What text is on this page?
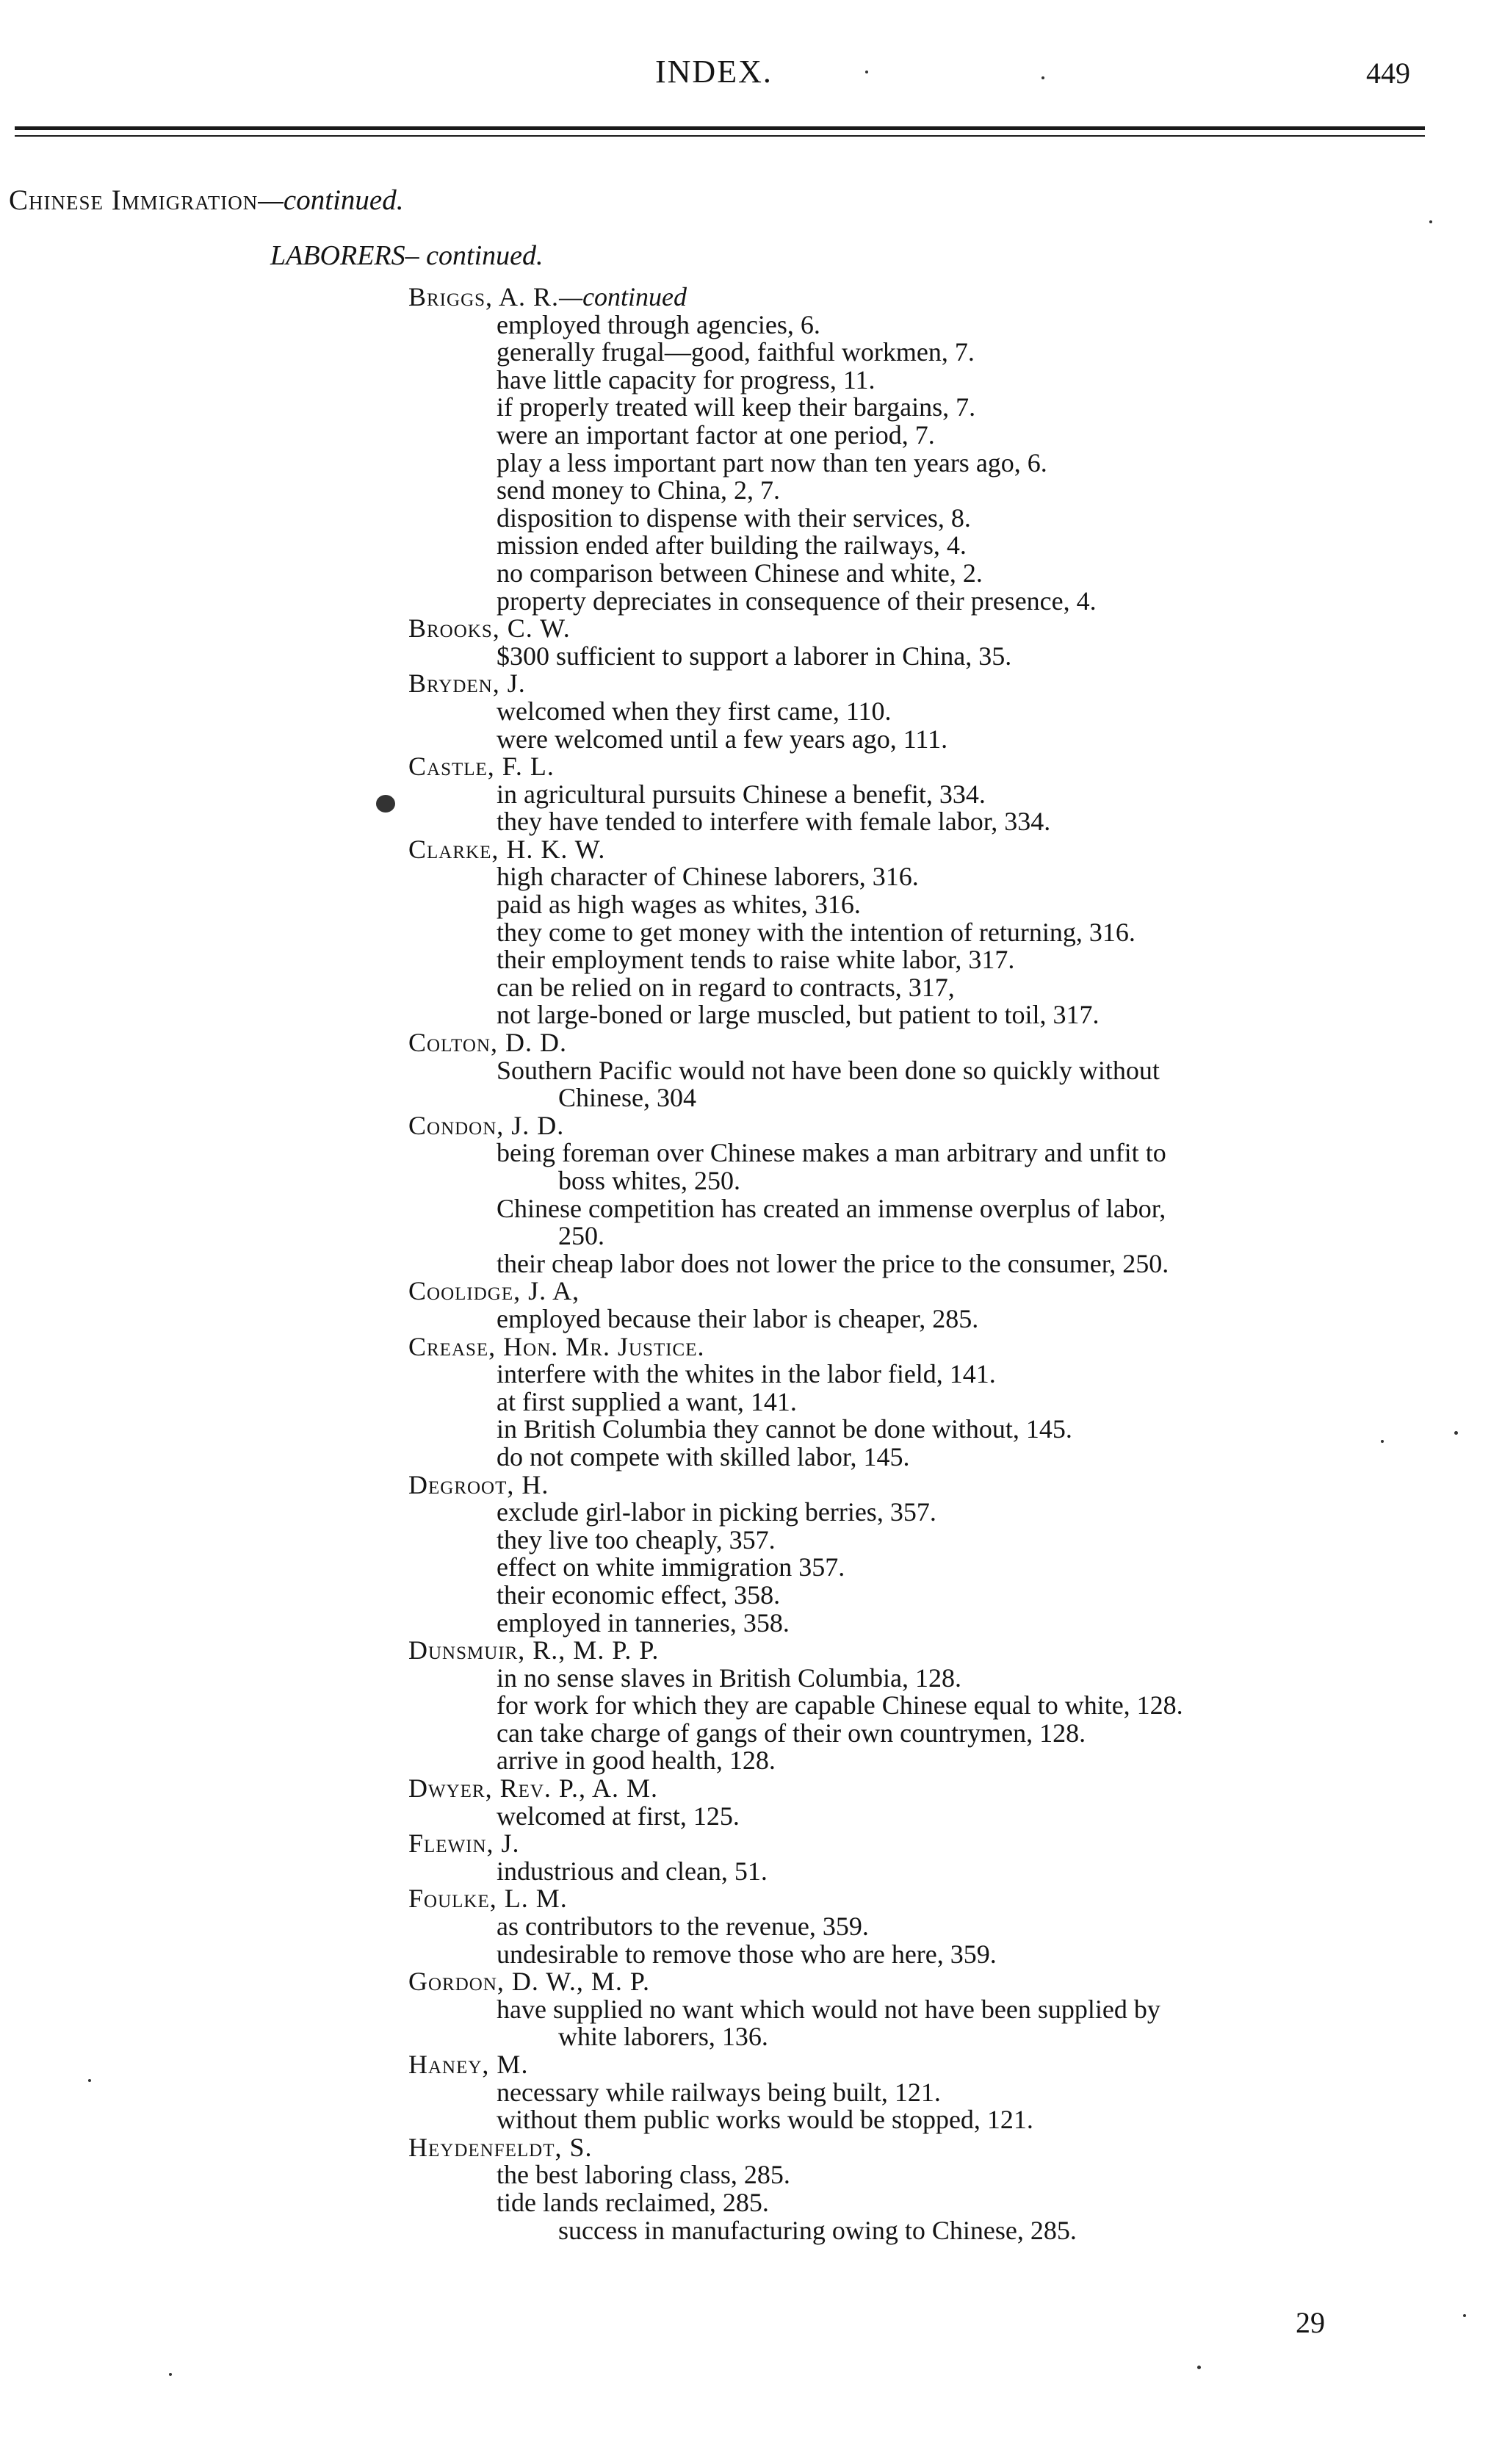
INDEX.	449
Chinese Immigration—continued.
LABORERS– continued.
Briggs, A. R.—continued
employed through agencies, 6.
generally frugal—good, faithful workmen, 7.
have little capacity for progress, 11.
if properly treated will keep their bargains, 7.
were an important factor at one period, 7.
play a less important part now than ten years ago, 6.
send money to China, 2, 7.
disposition to dispense with their services, 8.
mission ended after building the railways, 4.
no comparison between Chinese and white, 2.
property depreciates in consequence of their presence, 4.
Brooks, C. W.
$300 sufficient to support a laborer in China, 35.
Bryden, J.
welcomed when they first came, 110.
were welcomed until a few years ago, 111.
Castle, F. L.
in agricultural pursuits Chinese a benefit, 334.
they have tended to interfere with female labor, 334.
Clarke, H. K. W.
high character of Chinese laborers, 316.
paid as high wages as whites, 316.
they come to get money with the intention of returning, 316.
their employment tends to raise white labor, 317.
can be relied on in regard to contracts, 317,
not large-boned or large muscled, but patient to toil, 317.
Colton, D. D.
Southern Pacific would not have been done so quickly without
Chinese, 304
Condon, J. D.
being foreman over Chinese makes a man arbitrary and unfit to
boss whites, 250.
Chinese competition has created an immense overplus of labor,
250.
their cheap labor does not lower the price to the consumer, 250.
Coolidge, J. A,
employed because their labor is cheaper, 285.
Crease, Hon. Mr. Justice.
interfere with the whites in the labor field, 141.
at first supplied a want, 141.
in British Columbia they cannot be done without, 145.
do not compete with skilled labor, 145.
Degroot, H.
exclude girl-labor in picking berries, 357.
they live too cheaply, 357.
effect on white immigration 357.
their economic effect, 358.
employed in tanneries, 358.
Dunsmuir, R., M. P. P.
in no sense slaves in British Columbia, 128.
for work for which they are capable Chinese equal to white, 128.
can take charge of gangs of their own countrymen, 128.
arrive in good health, 128.
Dwyer, Rev. P., A. M.
welcomed at first, 125.
Flewin, J.
industrious and clean, 51.
Foulke, L. M.
as contributors to the revenue, 359.
undesirable to remove those who are here, 359.
Gordon, D. W., M. P.
have supplied no want which would not have been supplied by
white laborers, 136.
Haney, M.
necessary while railways being built, 121.
without them public works would be stopped, 121.
Heydenfeldt, S.
the best laboring class, 285.
tide lands reclaimed, 285.
success in manufacturing owing to Chinese, 285.
29
